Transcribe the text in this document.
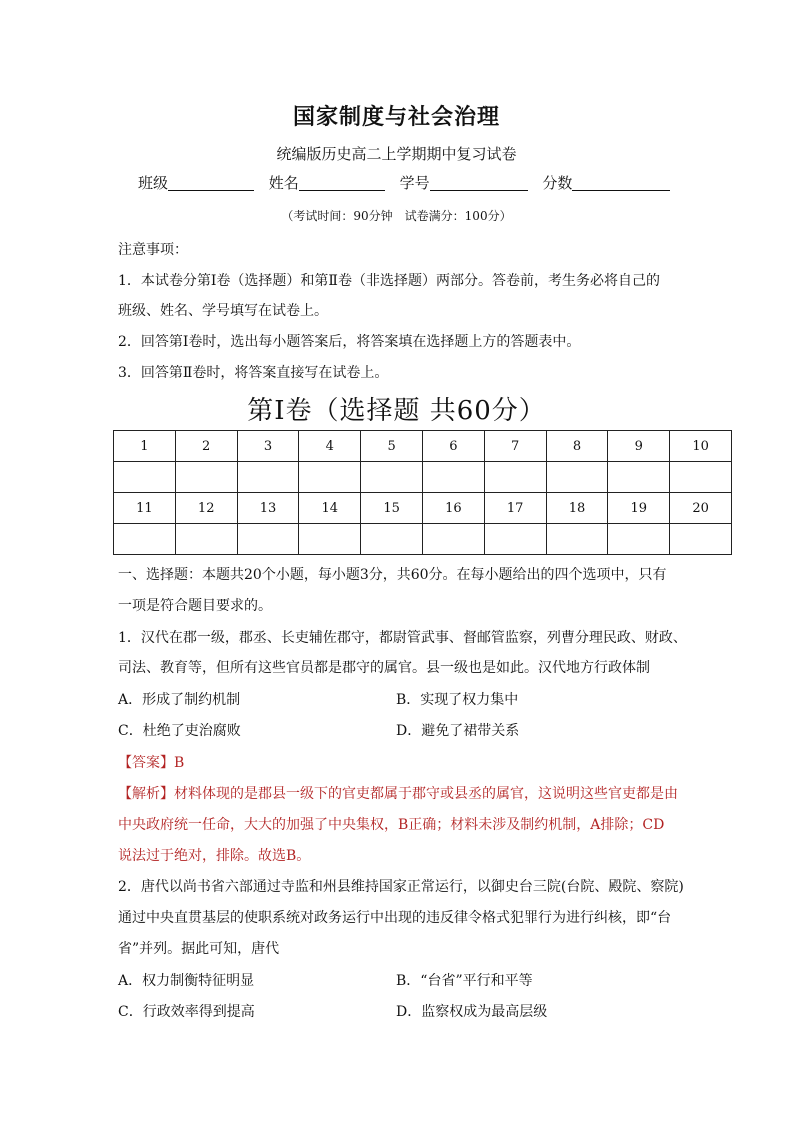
国家制度与社会治理
统编版历史高二上学期期中复习试卷
班级	姓名	学号	分数
（考试时间：90分钟　试卷满分：100分）
注意事项：
1．本试卷分第Ⅰ卷（选择题）和第Ⅱ卷（非选择题）两部分。答卷前，考生务必将自己的
班级、姓名、学号填写在试卷上。
2．回答第Ⅰ卷时，选出每小题答案后，将答案填在选择题上方的答题表中。
3．回答第Ⅱ卷时，将答案直接写在试卷上。
第Ⅰ卷（选择题 共60分）
1	2	3	4	5	6	7	8	9	10

11	12	13	14	15	16	17	18	19	20

一、选择题：本题共20个小题，每小题3分，共60分。在每小题给出的四个选项中，只有
一项是符合题目要求的。
1．汉代在郡一级，郡丞、长吏辅佐郡守，都尉管武事、督邮管监察，列曹分理民政、财政、
司法、教育等，但所有这些官员都是郡守的属官。县一级也是如此。汉代地方行政体制
A．形成了制约机制	B．实现了权力集中
C．杜绝了吏治腐败	D．避免了裙带关系
【答案】B
【解析】材料体现的是郡县一级下的官吏都属于郡守或县丞的属官，这说明这些官吏都是由
中央政府统一任命，大大的加强了中央集权，B正确；材料未涉及制约机制，A排除；CD
说法过于绝对，排除。故选B。
2．唐代以尚书省六部通过寺监和州县维持国家正常运行，以御史台三院(台院、殿院、察院)
通过中央直贯基层的使职系统对政务运行中出现的违反律令格式犯罪行为进行纠核，即“台
省”并列。据此可知，唐代
A．权力制衡特征明显	B．“台省”平行和平等
C．行政效率得到提高	D．监察权成为最高层级
